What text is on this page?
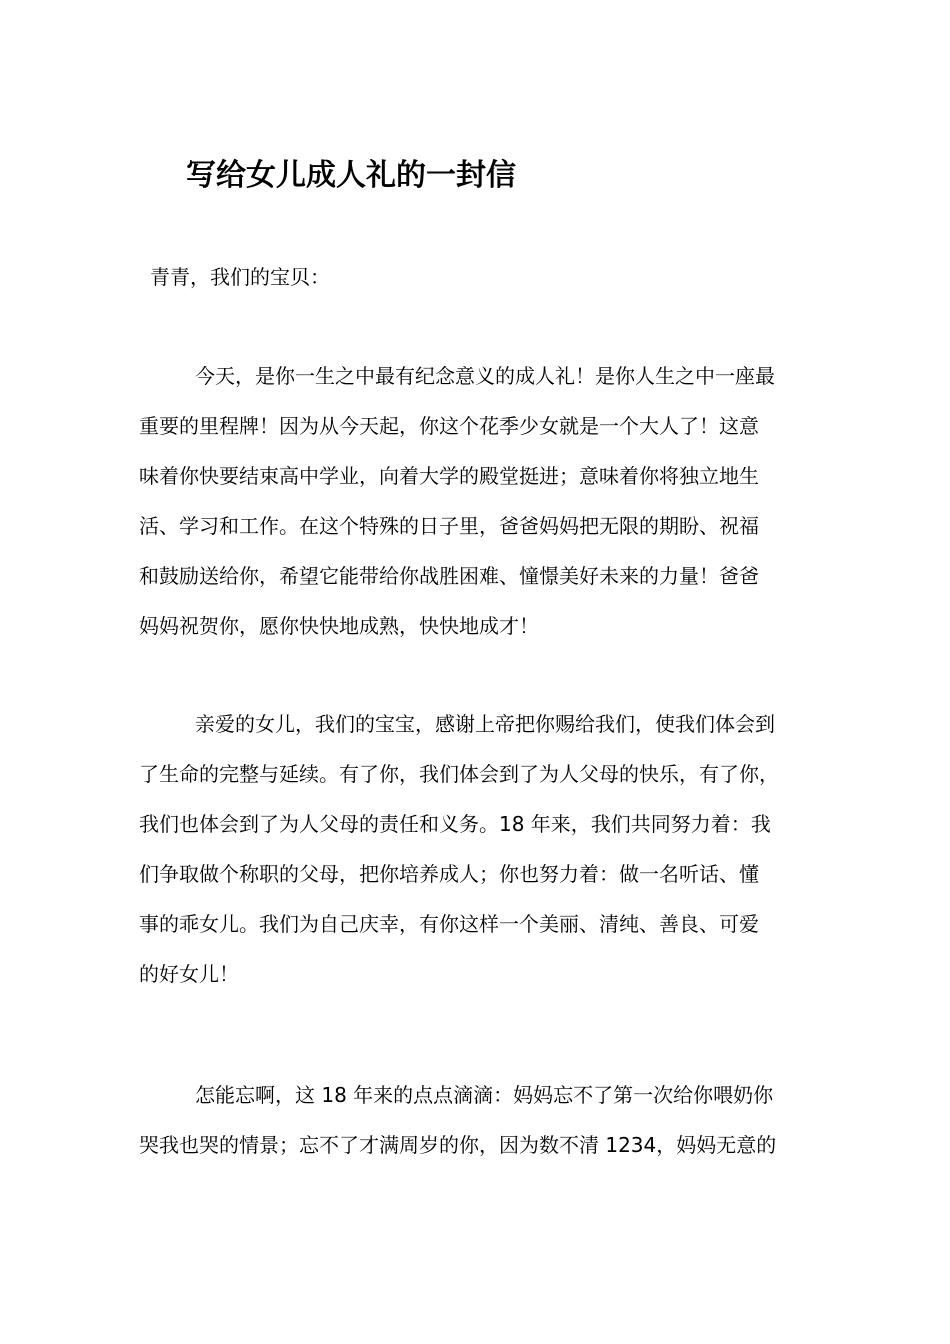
写给女儿成人礼的一封信

青青，我们的宝贝：

今天，是你一生之中最有纪念意义的成人礼！是你人生之中一座最

重要的里程牌！因为从今天起，你这个花季少女就是一个大人了！这意

味着你快要结束高中学业，向着大学的殿堂挺进；意味着你将独立地生

活、学习和工作。在这个特殊的日子里，爸爸妈妈把无限的期盼、祝福

和鼓励送给你，希望它能带给你战胜困难、憧憬美好未来的力量！爸爸

妈妈祝贺你，愿你快快地成熟，快快地成才！

亲爱的女儿，我们的宝宝，感谢上帝把你赐给我们，使我们体会到

了生命的完整与延续。有了你，我们体会到了为人父母的快乐，有了你，

我们也体会到了为人父母的责任和义务。18 年来，我们共同努力着：我

们争取做个称职的父母，把你培养成人；你也努力着：做一名听话、懂

事的乖女儿。我们为自己庆幸，有你这样一个美丽、清纯、善良、可爱

的好女儿！

怎能忘啊，这 18 年来的点点滴滴：妈妈忘不了第一次给你喂奶你

哭我也哭的情景；忘不了才满周岁的你，因为数不清 1234，妈妈无意的
